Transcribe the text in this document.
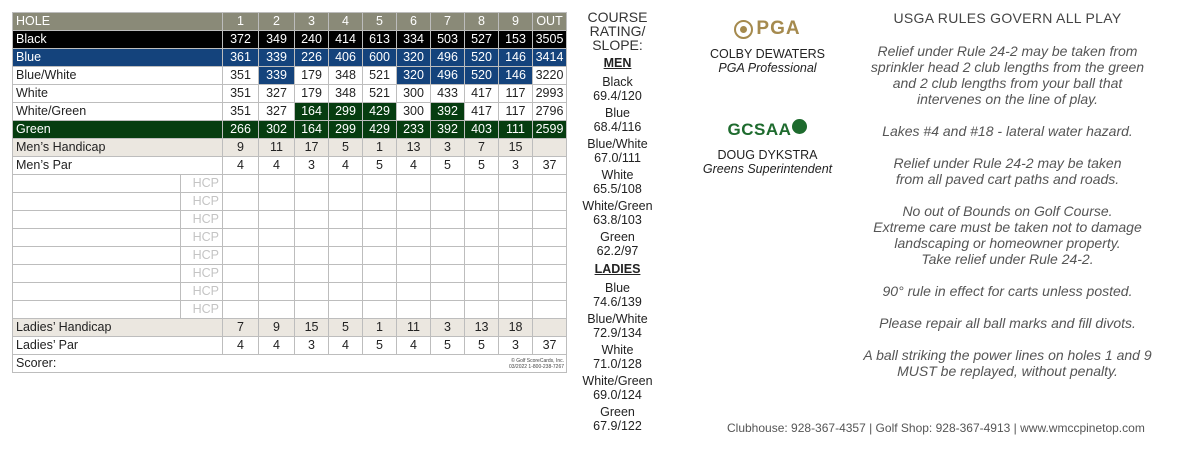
HOLE		1	2	3	4	5	6	7	8	9	OUT
Black		372	349	240	414	613	334	503	527	153	3505
Blue		361	339	226	406	600	320	496	520	146	3414
Blue/White		351	339	179	348	521	320	496	520	146	3220
White		351	327	179	348	521	300	433	417	117	2993
White/Green		351	327	164	299	429	300	392	417	117	2796
Green		266	302	164	299	429	233	392	403	111	2599
Men’s Handicap		9	11	17	5	1	13	3	7	15	
Men’s Par		4	4	3	4	5	4	5	5	3	37
	HCP										
	HCP										
	HCP										
	HCP										
	HCP										
	HCP										
	HCP										
	HCP										
Ladies’ Handicap		7	9	15	5	1	11	3	13	18	
Ladies’ Par		4	4	3	4	5	4	5	5	3	37
Scorer:										© Golf ScoreCards, Inc.
03/2022 1-800-238-7267	
COURSE
RATING/
SLOPE:
MEN
Black
69.4/120
Blue
68.4/116
Blue/White
67.0/111
White
65.5/108
White/Green
63.8/103
Green
62.2/97
LADIES
Blue
74.6/139
Blue/White
72.9/134
White
71.0/128
White/Green
69.0/124
Green
67.9/122
PGA
COLBY DEWATERS
PGA Professional
GCSAA
DOUG DYKSTRA
Greens Superintendent
USGA RULES GOVERN ALL PLAY
Relief under Rule 24-2 may be taken from
sprinkler head 2 club lengths from the green
and 2 club lengths from your ball that
intervenes on the line of play.
Lakes #4 and #18 - lateral water hazard.
Relief under Rule 24-2 may be taken
from all paved cart paths and roads.
No out of Bounds on Golf Course.
Extreme care must be taken not to damage
landscaping or homeowner property.
Take relief under Rule 24-2.
90° rule in effect for carts unless posted.
Please repair all ball marks and fill divots.
A ball striking the power lines on holes 1 and 9
MUST be replayed, without penalty.
Clubhouse: 928-367-4357 | Golf Shop: 928-367-4913 | www.wmccpinetop.com
